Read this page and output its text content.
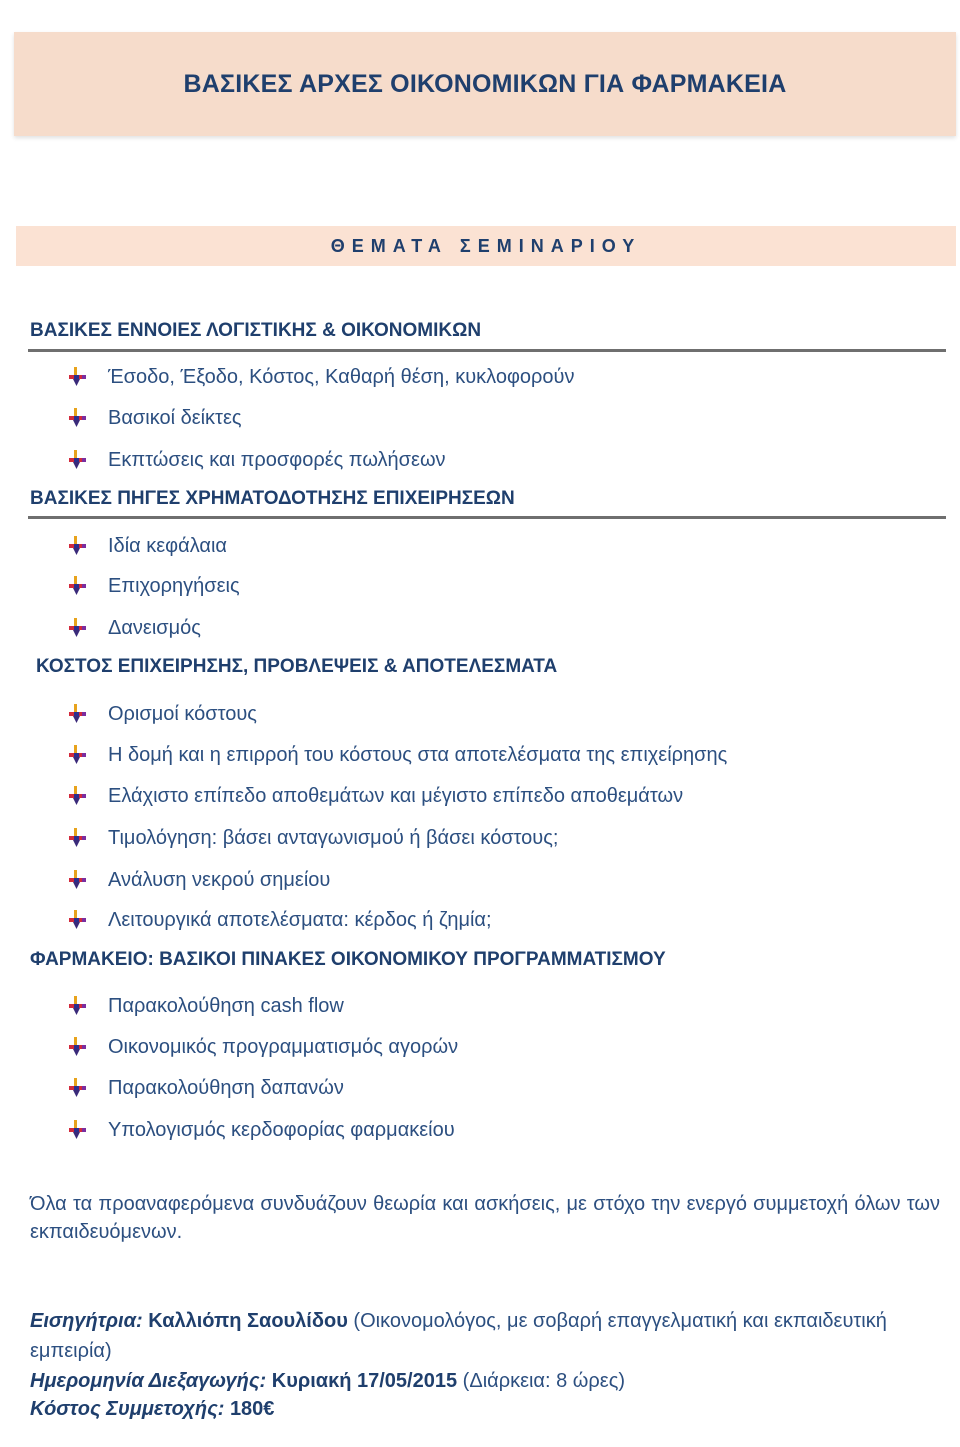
ΒΑΣΙΚΕΣ ΑΡΧΕΣ ΟΙΚΟΝΟΜΙΚΩΝ ΓΙΑ ΦΑΡΜΑΚΕΙΑ
ΘΕΜΑΤΑ ΣΕΜΙΝΑΡΙΟΥ
ΒΑΣΙΚΕΣ ΕΝΝΟΙΕΣ ΛΟΓΙΣΤΙΚΗΣ & ΟΙΚΟΝΟΜΙΚΩΝ
Έσοδο, Έξοδο, Κόστος, Καθαρή θέση, κυκλοφορούν
Βασικοί δείκτες
Εκπτώσεις και προσφορές πωλήσεων
ΒΑΣΙΚΕΣ ΠΗΓΕΣ ΧΡΗΜΑΤΟΔΟΤΗΣΗΣ ΕΠΙΧΕΙΡΗΣΕΩΝ
Ιδία κεφάλαια
Επιχορηγήσεις
Δανεισμός
ΚΟΣΤΟΣ ΕΠΙΧΕΙΡΗΣΗΣ, ΠΡΟΒΛΕΨΕΙΣ & ΑΠΟΤΕΛΕΣΜΑΤΑ
Ορισμοί κόστους
Η δομή και η επιρροή του κόστους στα αποτελέσματα της επιχείρησης
Ελάχιστο επίπεδο αποθεμάτων και μέγιστο επίπεδο αποθεμάτων
Τιμολόγηση: βάσει ανταγωνισμού ή βάσει κόστους;
Ανάλυση νεκρού σημείου
Λειτουργικά αποτελέσματα: κέρδος ή ζημία;
ΦΑΡΜΑΚΕΙΟ: ΒΑΣΙΚΟΙ ΠΙΝΑΚΕΣ ΟΙΚΟΝΟΜΙΚΟΥ ΠΡΟΓΡΑΜΜΑΤΙΣΜΟΥ
Παρακολούθηση cash flow
Οικονομικός προγραμματισμός αγορών
Παρακολούθηση δαπανών
Υπολογισμός κερδοφορίας φαρμακείου
Όλα τα προαναφερόμενα συνδυάζουν θεωρία και ασκήσεις, με στόχο την ενεργό συμμετοχή όλων των εκπαιδευόμενων.
Εισηγήτρια: Καλλιόπη Σαουλίδου (Οικονομολόγος, με σοβαρή επαγγελματική και εκπαιδευτική εμπειρία)
Ημερομηνία Διεξαγωγής: Κυριακή 17/05/2015 (Διάρκεια: 8 ώρες)
Κόστος Συμμετοχής: 180€
